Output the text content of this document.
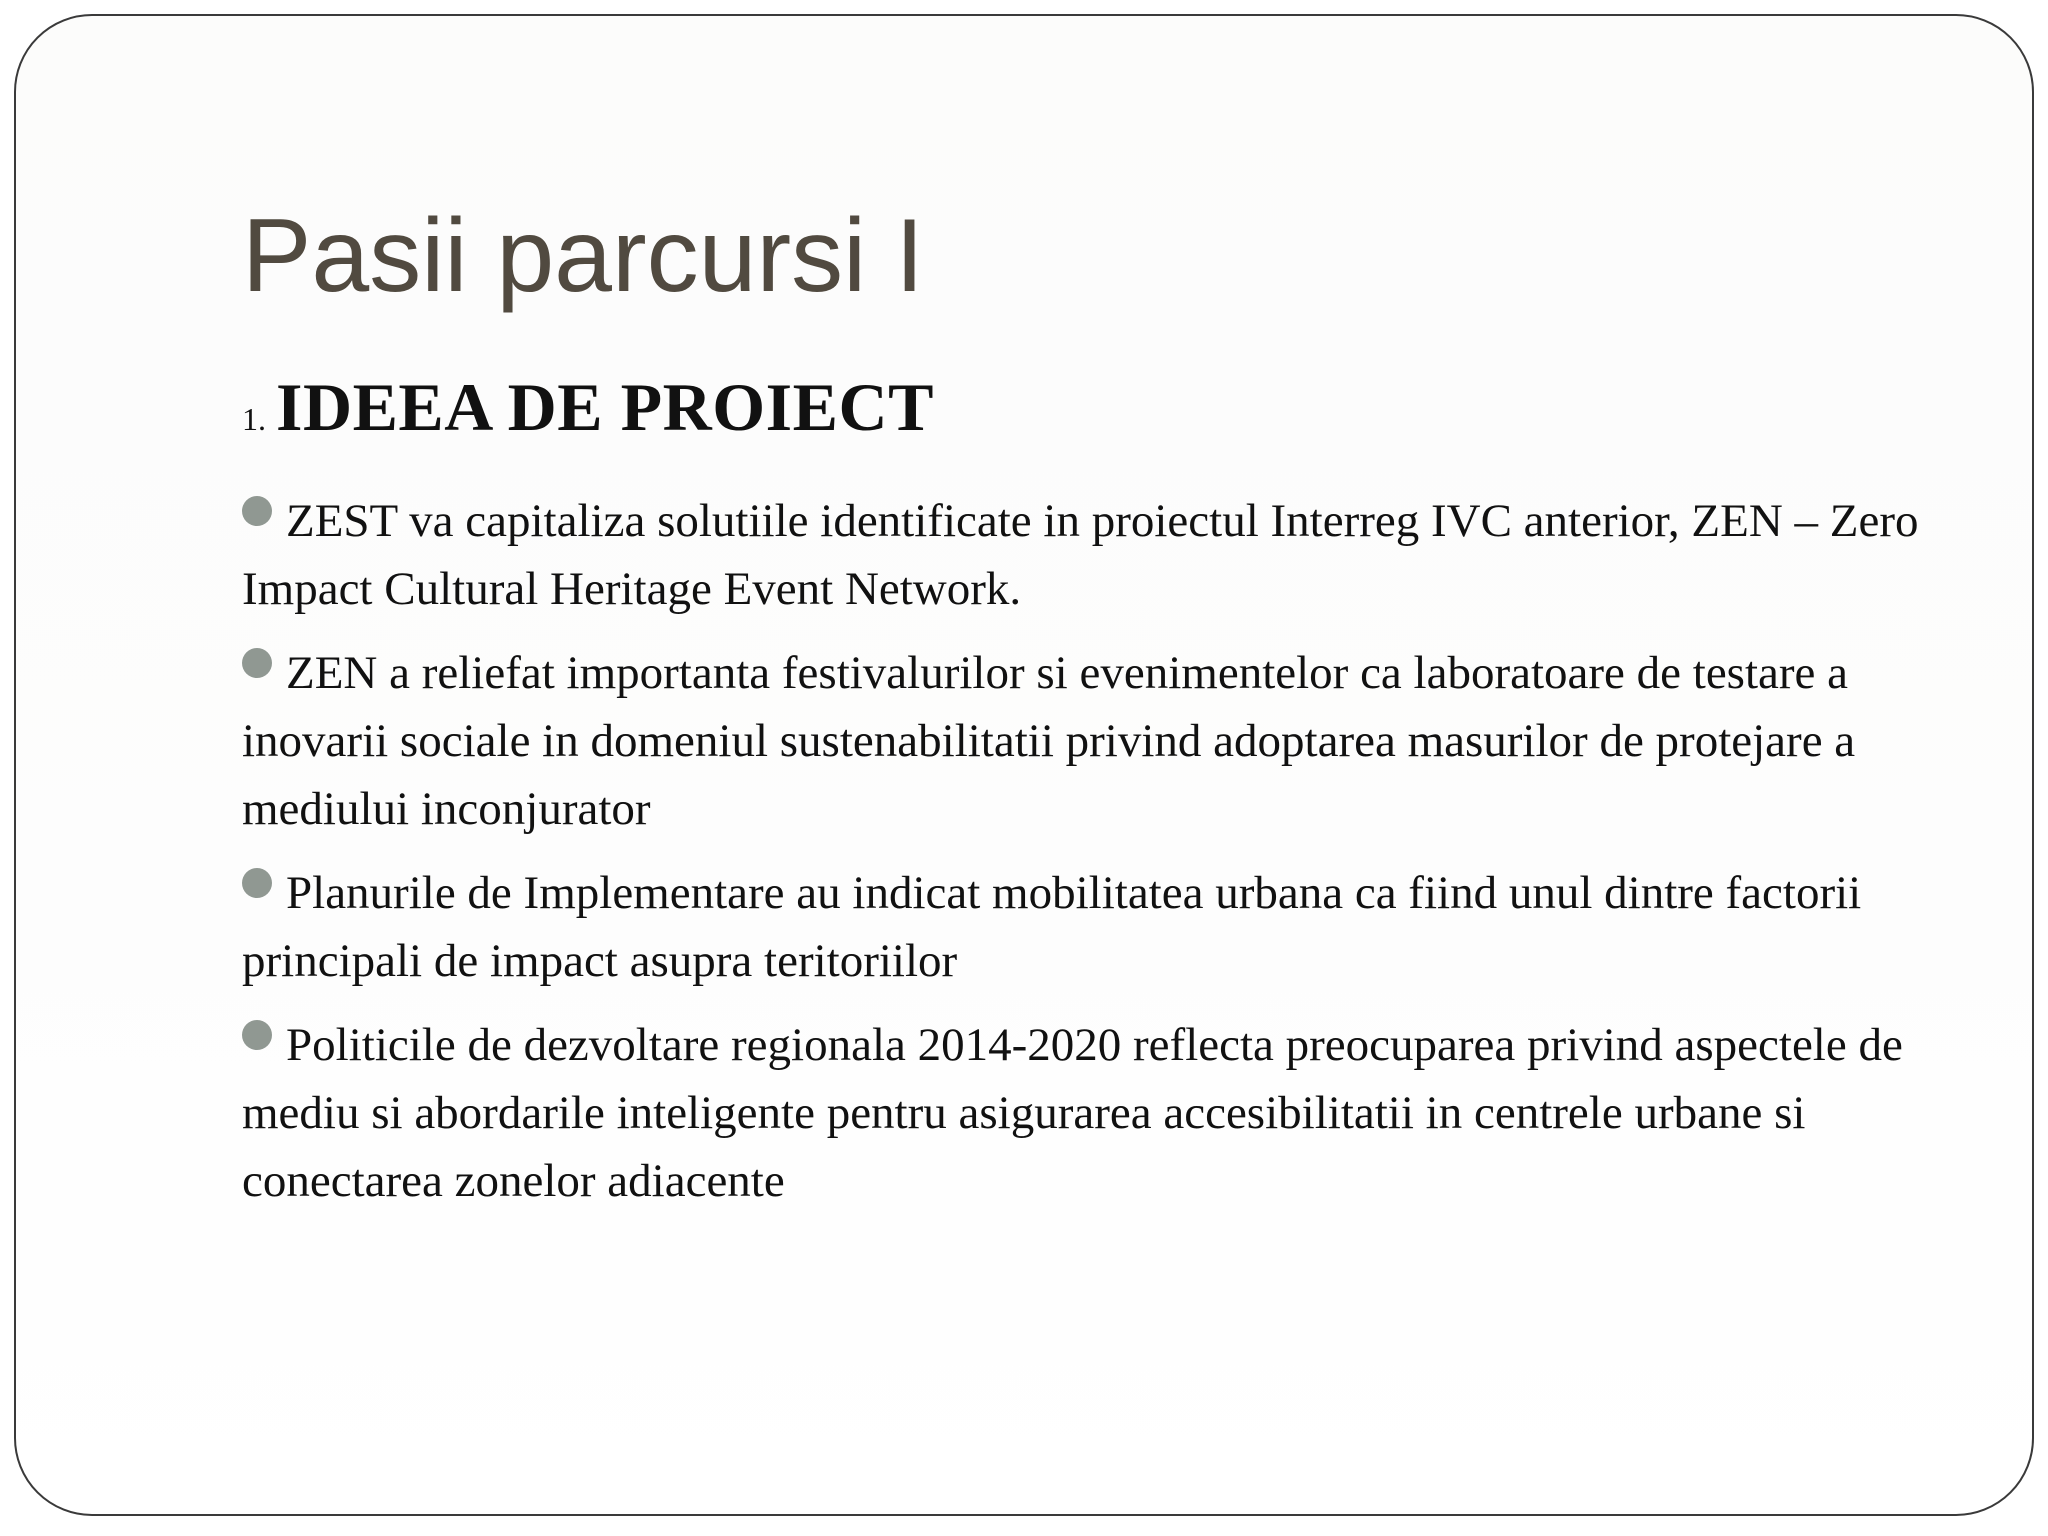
Pasii parcursi I
1. IDEEA DE PROIECT
ZEST va capitaliza solutiile identificate in proiectul Interreg IVC anterior, ZEN – Zero Impact Cultural Heritage Event Network.
ZEN a reliefat importanta festivalurilor si evenimentelor ca laboratoare de testare a inovarii sociale in domeniul sustenabilitatii privind adoptarea masurilor de protejare a mediului inconjurator
Planurile de Implementare au indicat mobilitatea urbana ca fiind unul dintre factorii principali de impact asupra teritoriilor
Politicile de dezvoltare regionala 2014-2020 reflecta preocuparea privind aspectele de mediu si abordarile inteligente pentru asigurarea accesibilitatii in centrele urbane si conectarea zonelor adiacente
